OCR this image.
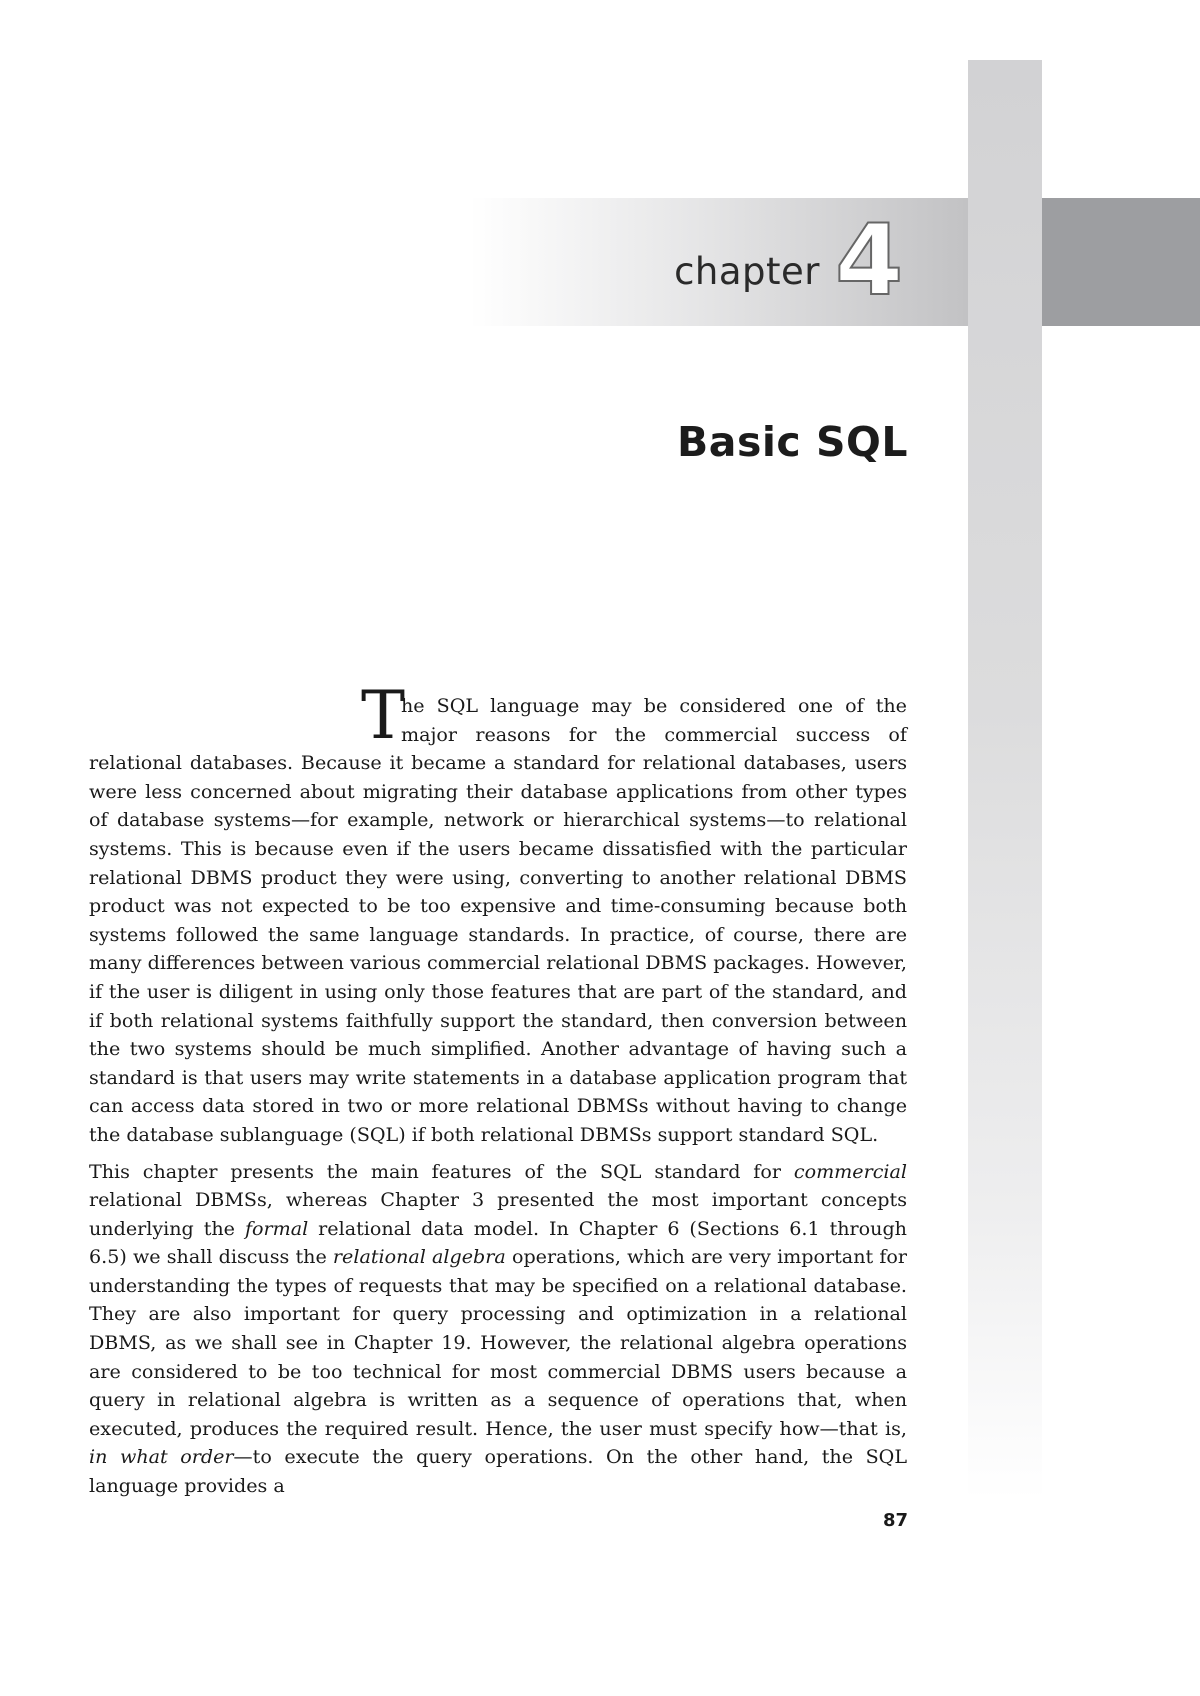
chapter 4
Basic SQL

T
he SQL language may be considered one of the major reasons for the commercial success of relational databases. Because it became a standard for relational databases, users were less concerned about migrating their database applications from other types of database systems—for example, network or hierarchical systems—to relational systems. This is because even if the users became dissatisfied with the particular relational DBMS product they were using, converting to another relational DBMS product was not expected to be too expensive and time-consuming because both systems followed the same language standards. In practice, of course, there are many differences between various commercial relational DBMS packages. However, if the user is diligent in using only those features that are part of the standard, and if both relational systems faithfully support the standard, then conversion between the two systems should be much simplified. Another advantage of having such a standard is that users may write statements in a database application program that can access data stored in two or more relational DBMSs without having to change the database sublanguage (SQL) if both relational DBMSs support standard SQL.

This chapter presents the main features of the SQL standard for commercial relational DBMSs, whereas Chapter 3 presented the most important concepts underlying the formal relational data model. In Chapter 6 (Sections 6.1 through 6.5) we shall discuss the relational algebra operations, which are very important for understanding the types of requests that may be specified on a relational database. They are also important for query processing and optimization in a relational DBMS, as we shall see in Chapter 19. However, the relational algebra operations are considered to be too technical for most commercial DBMS users because a query in relational algebra is written as a sequence of operations that, when executed, produces the required result. Hence, the user must specify how—that is, in what order—to execute the query operations. On the other hand, the SQL language provides a

87
